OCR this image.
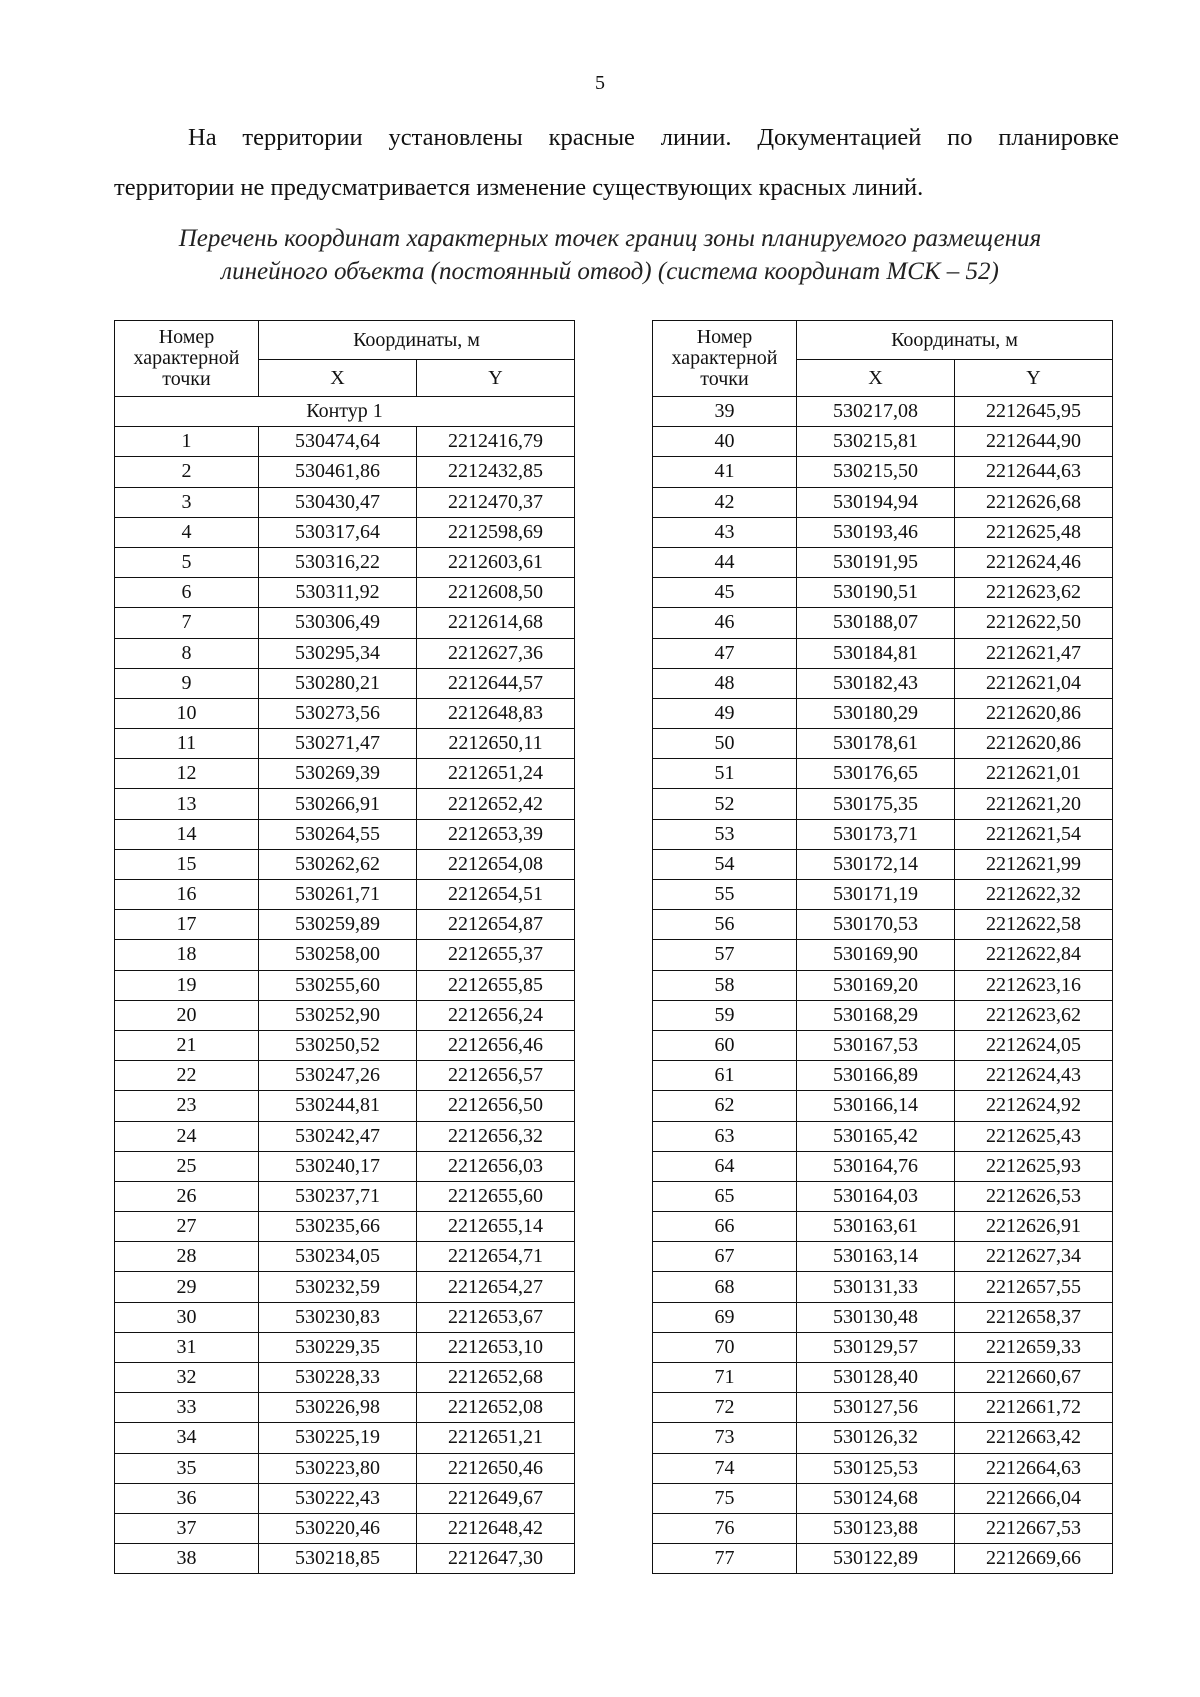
5
На территории установлены красные линии. Документацией по планировке
территории не предусматривается изменение существующих красных линий.
Перечень координат характерных точек границ зоны планируемого размещения
линейного объекта (постоянный отвод) (система координат МСК – 52)
Номер
характерной
точки	Координаты, м	
	X	Y
Контур 1		
1	530474,64	2212416,79
2	530461,86	2212432,85
3	530430,47	2212470,37
4	530317,64	2212598,69
5	530316,22	2212603,61
6	530311,92	2212608,50
7	530306,49	2212614,68
8	530295,34	2212627,36
9	530280,21	2212644,57
10	530273,56	2212648,83
11	530271,47	2212650,11
12	530269,39	2212651,24
13	530266,91	2212652,42
14	530264,55	2212653,39
15	530262,62	2212654,08
16	530261,71	2212654,51
17	530259,89	2212654,87
18	530258,00	2212655,37
19	530255,60	2212655,85
20	530252,90	2212656,24
21	530250,52	2212656,46
22	530247,26	2212656,57
23	530244,81	2212656,50
24	530242,47	2212656,32
25	530240,17	2212656,03
26	530237,71	2212655,60
27	530235,66	2212655,14
28	530234,05	2212654,71
29	530232,59	2212654,27
30	530230,83	2212653,67
31	530229,35	2212653,10
32	530228,33	2212652,68
33	530226,98	2212652,08
34	530225,19	2212651,21
35	530223,80	2212650,46
36	530222,43	2212649,67
37	530220,46	2212648,42
38	530218,85	2212647,30
Номер
характерной
точки	Координаты, м	
	X	Y
39	530217,08	2212645,95
40	530215,81	2212644,90
41	530215,50	2212644,63
42	530194,94	2212626,68
43	530193,46	2212625,48
44	530191,95	2212624,46
45	530190,51	2212623,62
46	530188,07	2212622,50
47	530184,81	2212621,47
48	530182,43	2212621,04
49	530180,29	2212620,86
50	530178,61	2212620,86
51	530176,65	2212621,01
52	530175,35	2212621,20
53	530173,71	2212621,54
54	530172,14	2212621,99
55	530171,19	2212622,32
56	530170,53	2212622,58
57	530169,90	2212622,84
58	530169,20	2212623,16
59	530168,29	2212623,62
60	530167,53	2212624,05
61	530166,89	2212624,43
62	530166,14	2212624,92
63	530165,42	2212625,43
64	530164,76	2212625,93
65	530164,03	2212626,53
66	530163,61	2212626,91
67	530163,14	2212627,34
68	530131,33	2212657,55
69	530130,48	2212658,37
70	530129,57	2212659,33
71	530128,40	2212660,67
72	530127,56	2212661,72
73	530126,32	2212663,42
74	530125,53	2212664,63
75	530124,68	2212666,04
76	530123,88	2212667,53
77	530122,89	2212669,66
